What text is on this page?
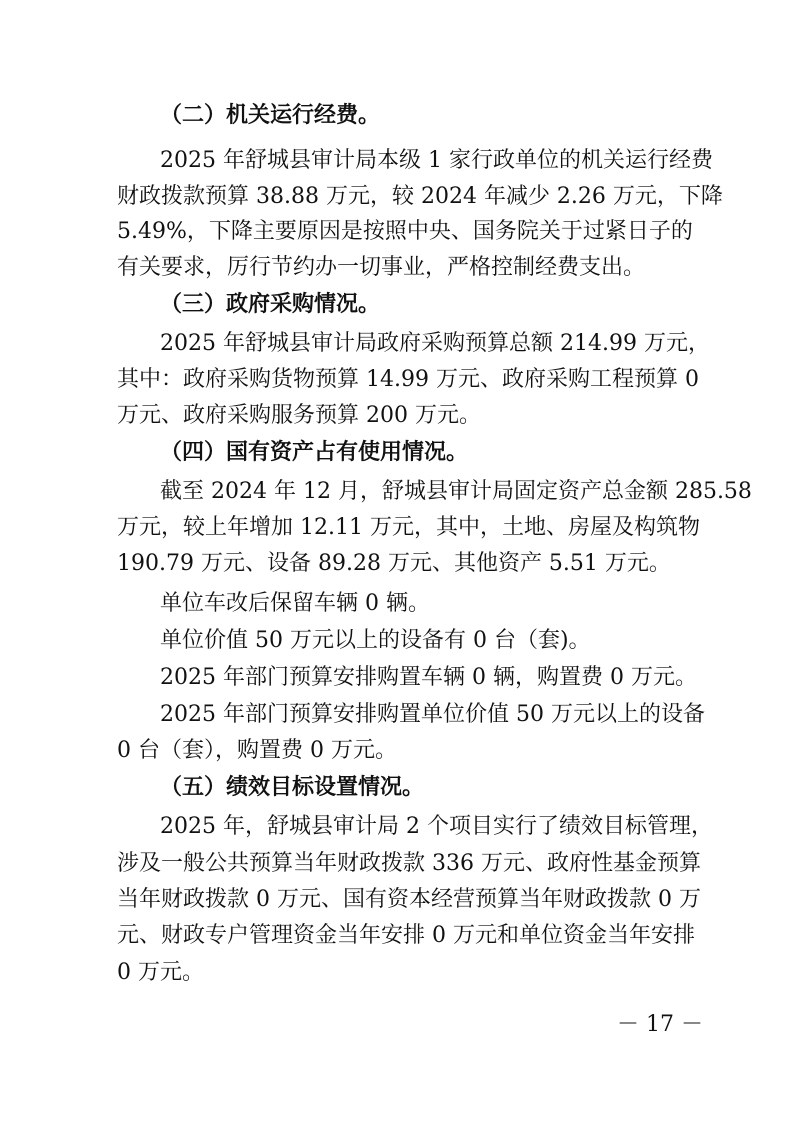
（二）机关运行经费。

2025 年舒城县审计局本级 1 家行政单位的机关运行经费

财政拨款预算 38.88 万元，较 2024 年减少 2.26 万元，下降

5.49%，下降主要原因是按照中央、国务院关于过紧日子的

有关要求，厉行节约办一切事业，严格控制经费支出。

（三）政府采购情况。

2025 年舒城县审计局政府采购预算总额 214.99 万元，

其中：政府采购货物预算 14.99 万元、政府采购工程预算 0

万元、政府采购服务预算 200 万元。

（四）国有资产占有使用情况。

截至 2024 年 12 月，舒城县审计局固定资产总金额 285.58

万元，较上年增加 12.11 万元，其中，土地、房屋及构筑物

190.79 万元、设备 89.28 万元、其他资产 5.51 万元。

单位车改后保留车辆 0 辆。

单位价值 50 万元以上的设备有 0 台（套)。

2025 年部门预算安排购置车辆 0 辆，购置费 0 万元。

2025 年部门预算安排购置单位价值 50 万元以上的设备

0 台（套），购置费 0 万元。

（五）绩效目标设置情况。

2025 年，舒城县审计局 2 个项目实行了绩效目标管理，

涉及一般公共预算当年财政拨款 336 万元、政府性基金预算

当年财政拨款 0 万元、国有资本经营预算当年财政拨款 0 万

元、财政专户管理资金当年安排 0 万元和单位资金当年安排

0 万元。

－ 17 －
